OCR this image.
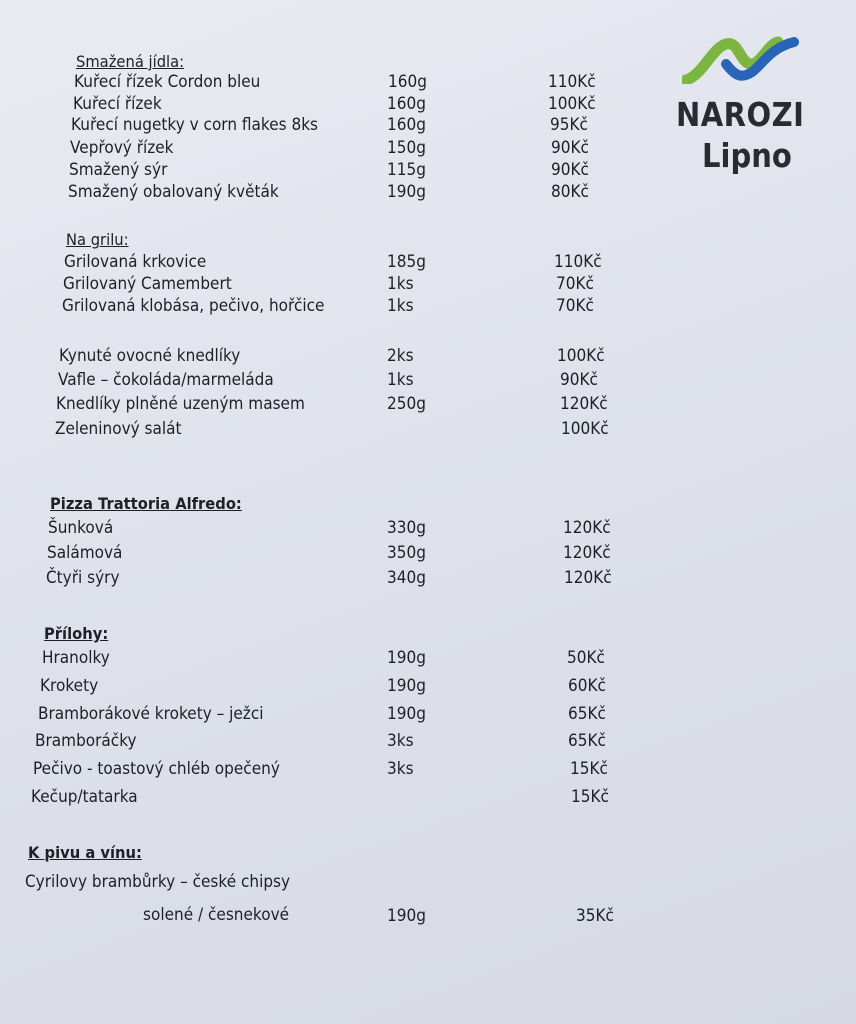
NAROZI
Lipno
Smažená jídla:
Kuřecí řízek Cordon bleu	160g	110Kč
Kuřecí řízek	160g	100Kč
Kuřecí nugetky v corn flakes 8ks	160g	95Kč
Vepřový řízek	150g	90Kč
Smažený sýr	115g	90Kč
Smažený obalovaný květák	190g	80Kč
Na grilu:
Grilovaná krkovice	185g	110Kč
Grilovaný Camembert	1ks	70Kč
Grilovaná klobása, pečivo, hořčice	1ks	70Kč
Kynuté ovocné knedlíky	2ks	100Kč
Vafle – čokoláda/marmeláda	1ks	90Kč
Knedlíky plněné uzeným masem	250g	120Kč
Zeleninový salát	100Kč
Pizza Trattoria Alfredo:
Šunková	330g	120Kč
Salámová	350g	120Kč
Čtyři sýry	340g	120Kč
Přílohy:
Hranolky	190g	50Kč
Krokety	190g	60Kč
Bramborákové krokety – ježci	190g	65Kč
Bramboráčky	3ks	65Kč
Pečivo - toastový chléb opečený	3ks	15Kč
Kečup/tatarka	15Kč
K pivu a vínu:
Cyrilovy brambůrky – české chipsy
solené / česnekové	190g	35Kč
